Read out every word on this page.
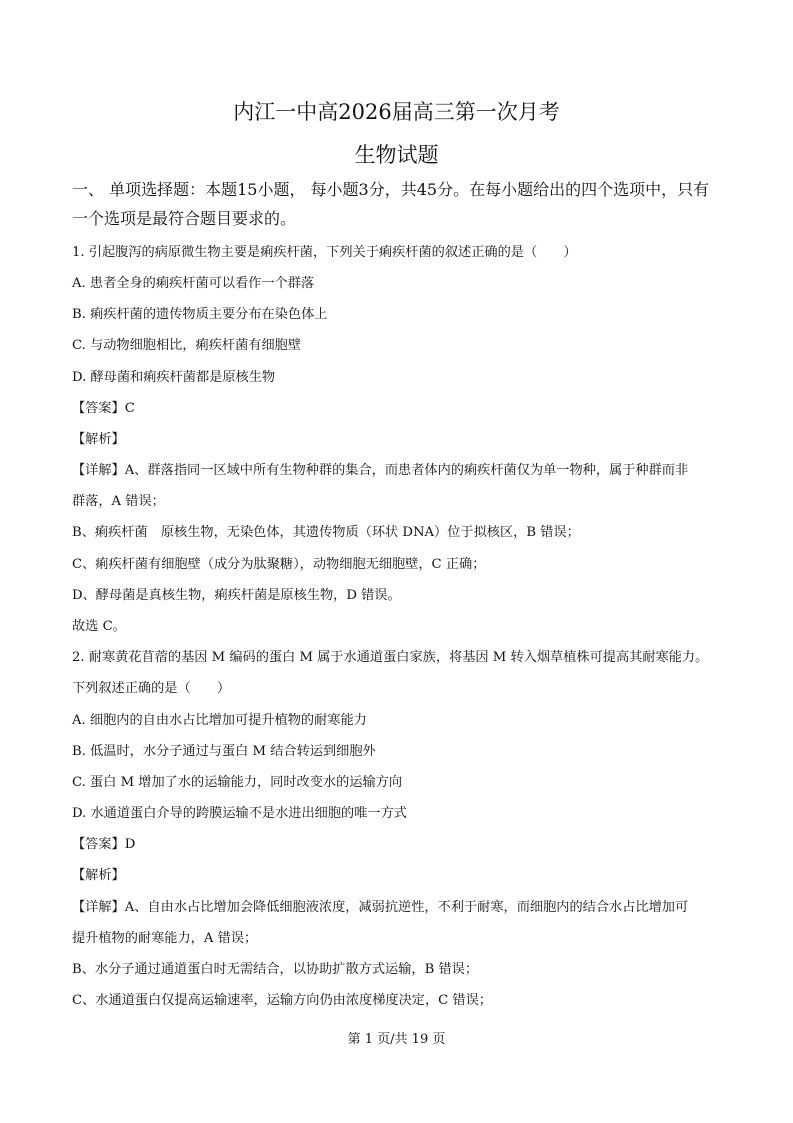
内江一中高2026届高三第一次月考
生物试题
一、 单项选择题：本题15小题， 每小题3分，共45分。在每小题给出的四个选项中，只有
一个选项是最符合题目要求的。
1. 引起腹泻的病原微生物主要是痢疾杆菌，下列关于痢疾杆菌的叙述正确的是（　　）
A. 患者全身的痢疾杆菌可以看作一个群落
B. 痢疾杆菌的遗传物质主要分布在染色体上
C. 与动物细胞相比，痢疾杆菌有细胞壁
D. 酵母菌和痢疾杆菌都是原核生物
【答案】C
【解析】
【详解】A、群落指同一区域中所有生物种群的集合，而患者体内的痢疾杆菌仅为单一物种，属于种群而非
群落，A 错误；
B、痢疾杆菌　原核生物，无染色体，其遗传物质（环状 DNA）位于拟核区，B 错误；
C、痢疾杆菌有细胞壁（成分为肽聚糖），动物细胞无细胞壁，C 正确；
D、酵母菌是真核生物，痢疾杆菌是原核生物，D 错误。
故选 C。
2. 耐寒黄花苜蓿的基因 M 编码的蛋白 M 属于水通道蛋白家族，将基因 M 转入烟草植株可提高其耐寒能力。
下列叙述正确的是（　　）
A. 细胞内的自由水占比增加可提升植物的耐寒能力
B. 低温时，水分子通过与蛋白 M 结合转运到细胞外
C. 蛋白 M 增加了水的运输能力，同时改变水的运输方向
D. 水通道蛋白介导的跨膜运输不是水进出细胞的唯一方式
【答案】D
【解析】
【详解】A、自由水占比增加会降低细胞液浓度，减弱抗逆性，不利于耐寒，而细胞内的结合水占比增加可
提升植物的耐寒能力，A 错误；
B、水分子通过通道蛋白时无需结合，以协助扩散方式运输，B 错误；
C、水通道蛋白仅提高运输速率，运输方向仍由浓度梯度决定，C 错误；
第 1 页/共 19 页
